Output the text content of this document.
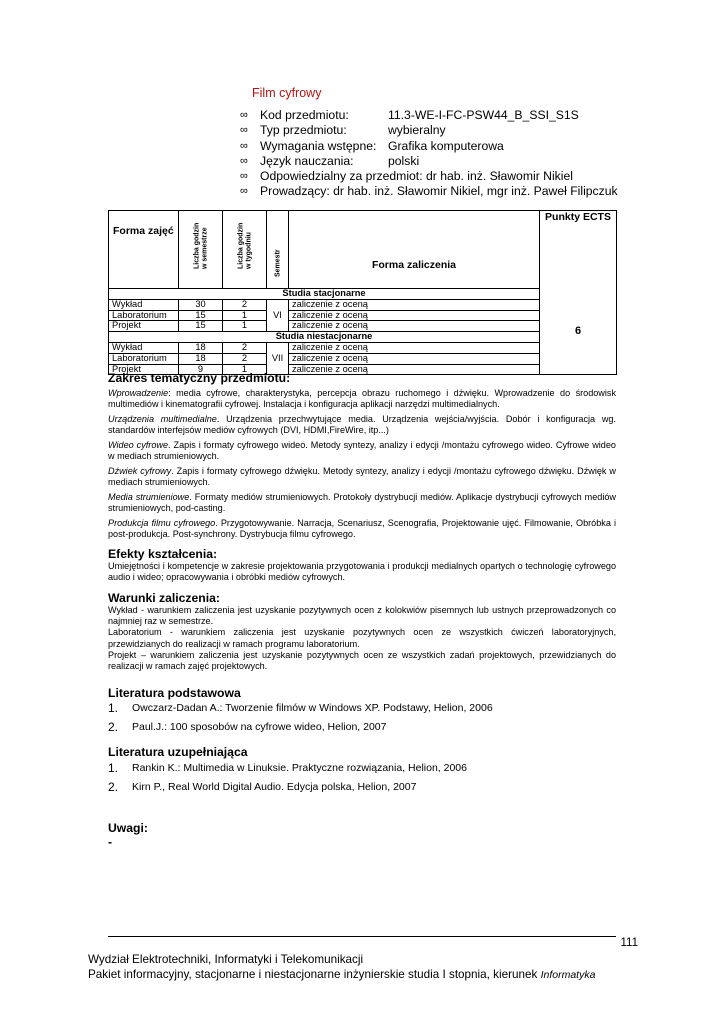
Film cyfrowy
∞ Kod przedmiotu:	11.3-WE-I-FC-PSW44_B_SSI_S1S
∞ Typ przedmiotu:	wybieralny
∞ Wymagania wstępne: Grafika komputerowa
∞ Język nauczania:	polski
∞ Odpowiedzialny za przedmiot: dr hab. inż. Sławomir Nikiel
∞ Prowadzący: dr hab. inż. Sławomir Nikiel, mgr inż. Paweł Filipczuk
Forma zajęć	Liczba godzin w semestrze	Liczba godzin w tygodniu	Semestr	Forma zaliczenia	Punkty ECTS
Studia stacjonarne					6
Wykład	30	2	VI	zaliczenie z oceną	
Laboratorium	15	1		zaliczenie z oceną	
Projekt	15	1		zaliczenie z oceną	
Studia niestacjonarne					
Wykład	18	2	VII	zaliczenie z oceną	
Laboratorium	18	2		zaliczenie z oceną	
Projekt	9	1		zaliczenie z oceną	
Zakres tematyczny przedmiotu:
Wprowadzenie: media cyfrowe, charakterystyka, percepcja obrazu ruchomego i dźwięku. Wprowadzenie do środowisk multimediów i kinematografii cyfrowej. Instalacja i konfiguracja aplikacji narzędzi multimedialnych.
Urządzenia multimedialne. Urządzenia przechwytujące media. Urządzenia wejścia/wyjścia. Dobór i konfiguracja wg. standardów interfejsów mediów cyfrowych (DVI, HDMI,FireWire, itp...)
Wideo cyfrowe. Zapis i formaty cyfrowego wideo. Metody syntezy, analizy i edycji /montażu cyfrowego wideo. Cyfrowe wideo w mediach strumieniowych.
Dźwiek cyfrowy. Zapis i formaty cyfrowego dźwięku. Metody syntezy, analizy i edycji /montażu cyfrowego dźwięku. Dźwięk w mediach strumieniowych.
Media strumieniowe. Formaty mediów strumieniowych. Protokoły dystrybucji mediów. Aplikacje dystrybucji cyfrowych mediów strumieniowych, pod-casting.
Produkcja filmu cyfrowego. Przygotowywanie. Narracja, Scenariusz, Scenografia, Projektowanie ujęć. Filmowanie, Obróbka i post-produkcja. Post-synchrony. Dystrybucja filmu cyfrowego.
Efekty kształcenia:
Umiejętności i kompetencje w zakresie projektowania przygotowania i produkcji medialnych opartych o technologię cyfrowego audio i wideo; opracowywania i obróbki mediów cyfrowych.
Warunki zaliczenia:
Wykład - warunkiem zaliczenia jest uzyskanie pozytywnych ocen z kolokwiów pisemnych lub ustnych przeprowadzonych co najmniej raz w semestrze.
Laboratorium - warunkiem zaliczenia jest uzyskanie pozytywnych ocen ze wszystkich ćwiczeń laboratoryjnych, przewidzianych do realizacji w ramach programu laboratorium.
Projekt – warunkiem zaliczenia jest uzyskanie pozytywnych ocen ze wszystkich zadań projektowych, przewidzianych do realizacji w ramach zajęć projektowych.
Literatura podstawowa
1. Owczarz-Dadan A.: Tworzenie filmów w Windows XP. Podstawy, Helion, 2006
2. Paul.J.: 100 sposobów na cyfrowe wideo, Helion, 2007
Literatura uzupełniająca
1. Rankin K.: Multimedia w Linuksie. Praktyczne rozwiązania, Helion, 2006
2. Kirn P., Real World Digital Audio. Edycja polska, Helion, 2007
Uwagi:
-
111
Wydział Elektrotechniki, Informatyki i Telekomunikacji
Pakiet informacyjny, stacjonarne i niestacjonarne inżynierskie studia I stopnia, kierunek Informatyka
